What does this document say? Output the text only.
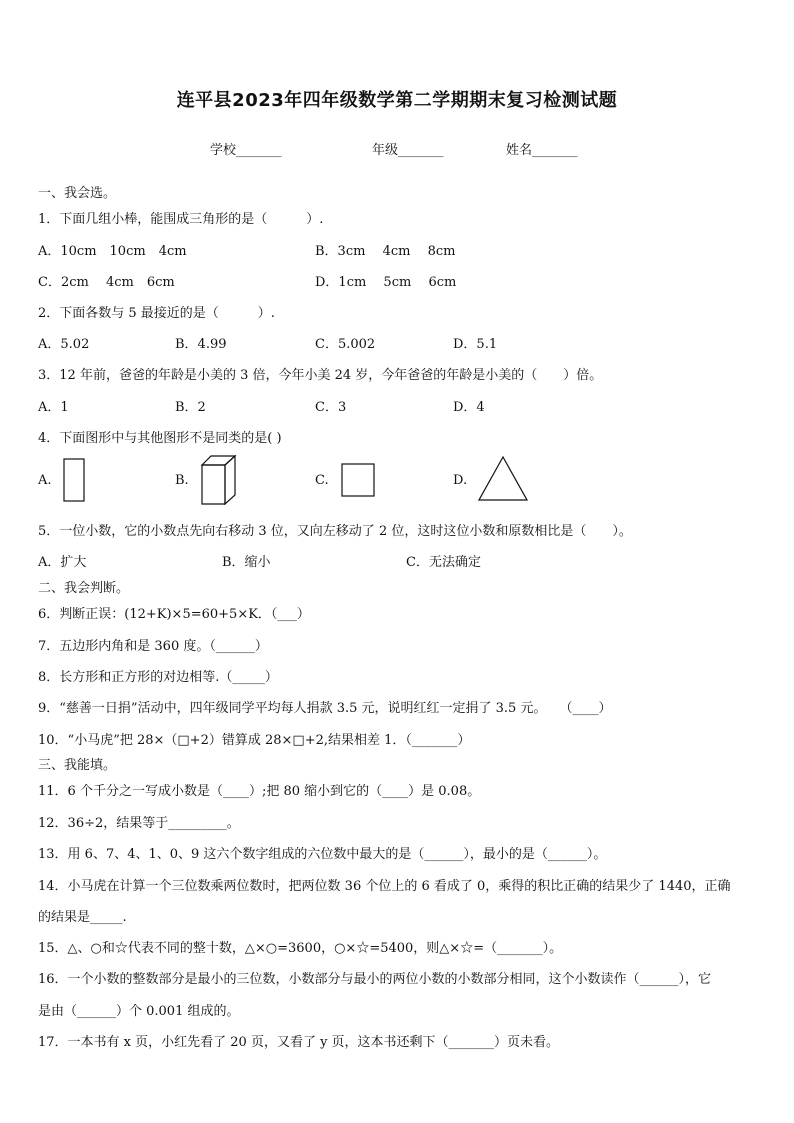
连平县2023年四年级数学第二学期期末复习检测试题
学校_______	年级_______	姓名_______
一、我会选。
1．下面几组小棒，能围成三角形的是（　　　）.
A．10cm　10cm　4cm	B．3cm　 4cm　 8cm
C．2cm　 4cm　6cm	D．1cm　 5cm　 6cm
2．下面各数与 5 最接近的是（　　　）.
A．5.02	B．4.99	C．5.002	D．5.1
3．12 年前，爸爸的年龄是小美的 3 倍，今年小美 24 岁，今年爸爸的年龄是小美的（　　）倍。
A．1	B．2	C．3	D．4
4．下面图形中与其他图形不是同类的是( )
A.	B.	C.	D.
5．一位小数，它的小数点先向右移动 3 位，又向左移动了 2 位，这时这位小数和原数相比是（　　）。
A．扩大	B．缩小	C．无法确定
二、我会判断。
6．判断正误：(12+K)×5=60+5×K．（___）
7．五边形内角和是 360 度。（______）
8．长方形和正方形的对边相等.（_____）
9．“慈善一日捐”活动中，四年级同学平均每人捐款 3.5 元，说明红红一定捐了 3.5 元。　　（____）
10．“小马虎”把 28×（□+2）错算成 28×□+2,结果相差 1．（_______）
三、我能填。
11．6 个千分之一写成小数是（____）;把 80 缩小到它的（____）是 0.08。
12．36÷2，结果等于_________。
13．用 6、7、4、1、0、9 这六个数字组成的六位数中最大的是（______），最小的是（______）。
14．小马虎在计算一个三位数乘两位数时，把两位数 36 个位上的 6 看成了 0，乘得的积比正确的结果少了 1440，正确
的结果是_____.
15．△、○和☆代表不同的整十数，△×○=3600，○×☆=5400，则△×☆=（_______）。
16．一个小数的整数部分是最小的三位数，小数部分与最小的两位小数的小数部分相同，这个小数读作（______），它
是由（______）个 0.001 组成的。
17．一本书有 x 页，小红先看了 20 页，又看了 y 页，这本书还剩下（_______）页未看。
